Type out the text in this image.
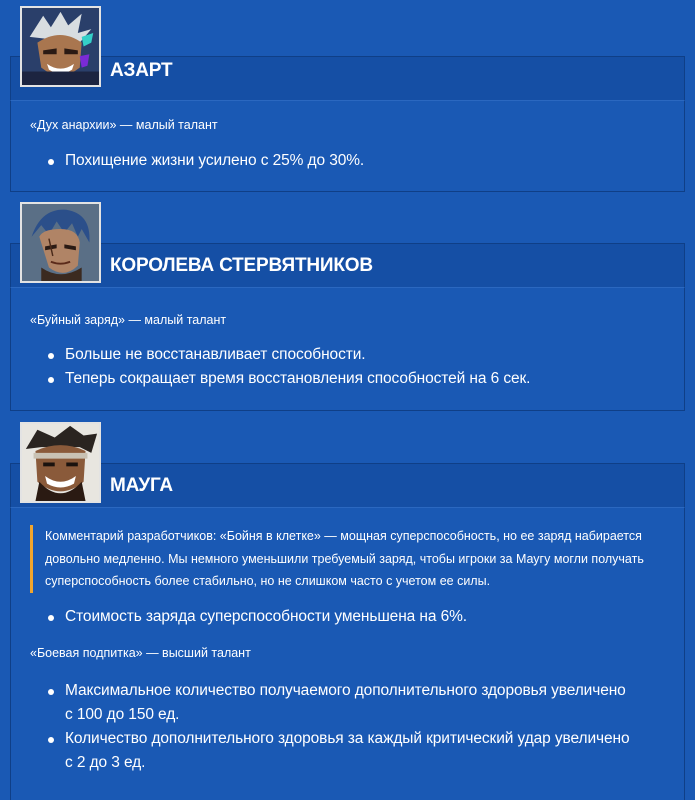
АЗАРТ
«Дух анархии» — малый талант
Похищение жизни усилено с 25% до 30%.
КОРОЛЕВА СТЕРВЯТНИКОВ
«Буйный заряд» — малый талант
Больше не восстанавливает способности.
Теперь сокращает время восстановления способностей на 6 сек.
МАУГА
Комментарий разработчиков: «Бойня в клетке» — мощная суперспособность, но ее заряд набирается
довольно медленно. Мы немного уменьшили требуемый заряд, чтобы игроки за Маугу могли получать
суперспособность более стабильно, но не слишком часто с учетом ее силы.
Стоимость заряда суперспособности уменьшена на 6%.
«Боевая подпитка» — высший талант
Максимальное количество получаемого дополнительного здоровья увеличено
с 100 до 150 ед.
Количество дополнительного здоровья за каждый критический удар увеличено
с 2 до 3 ед.
